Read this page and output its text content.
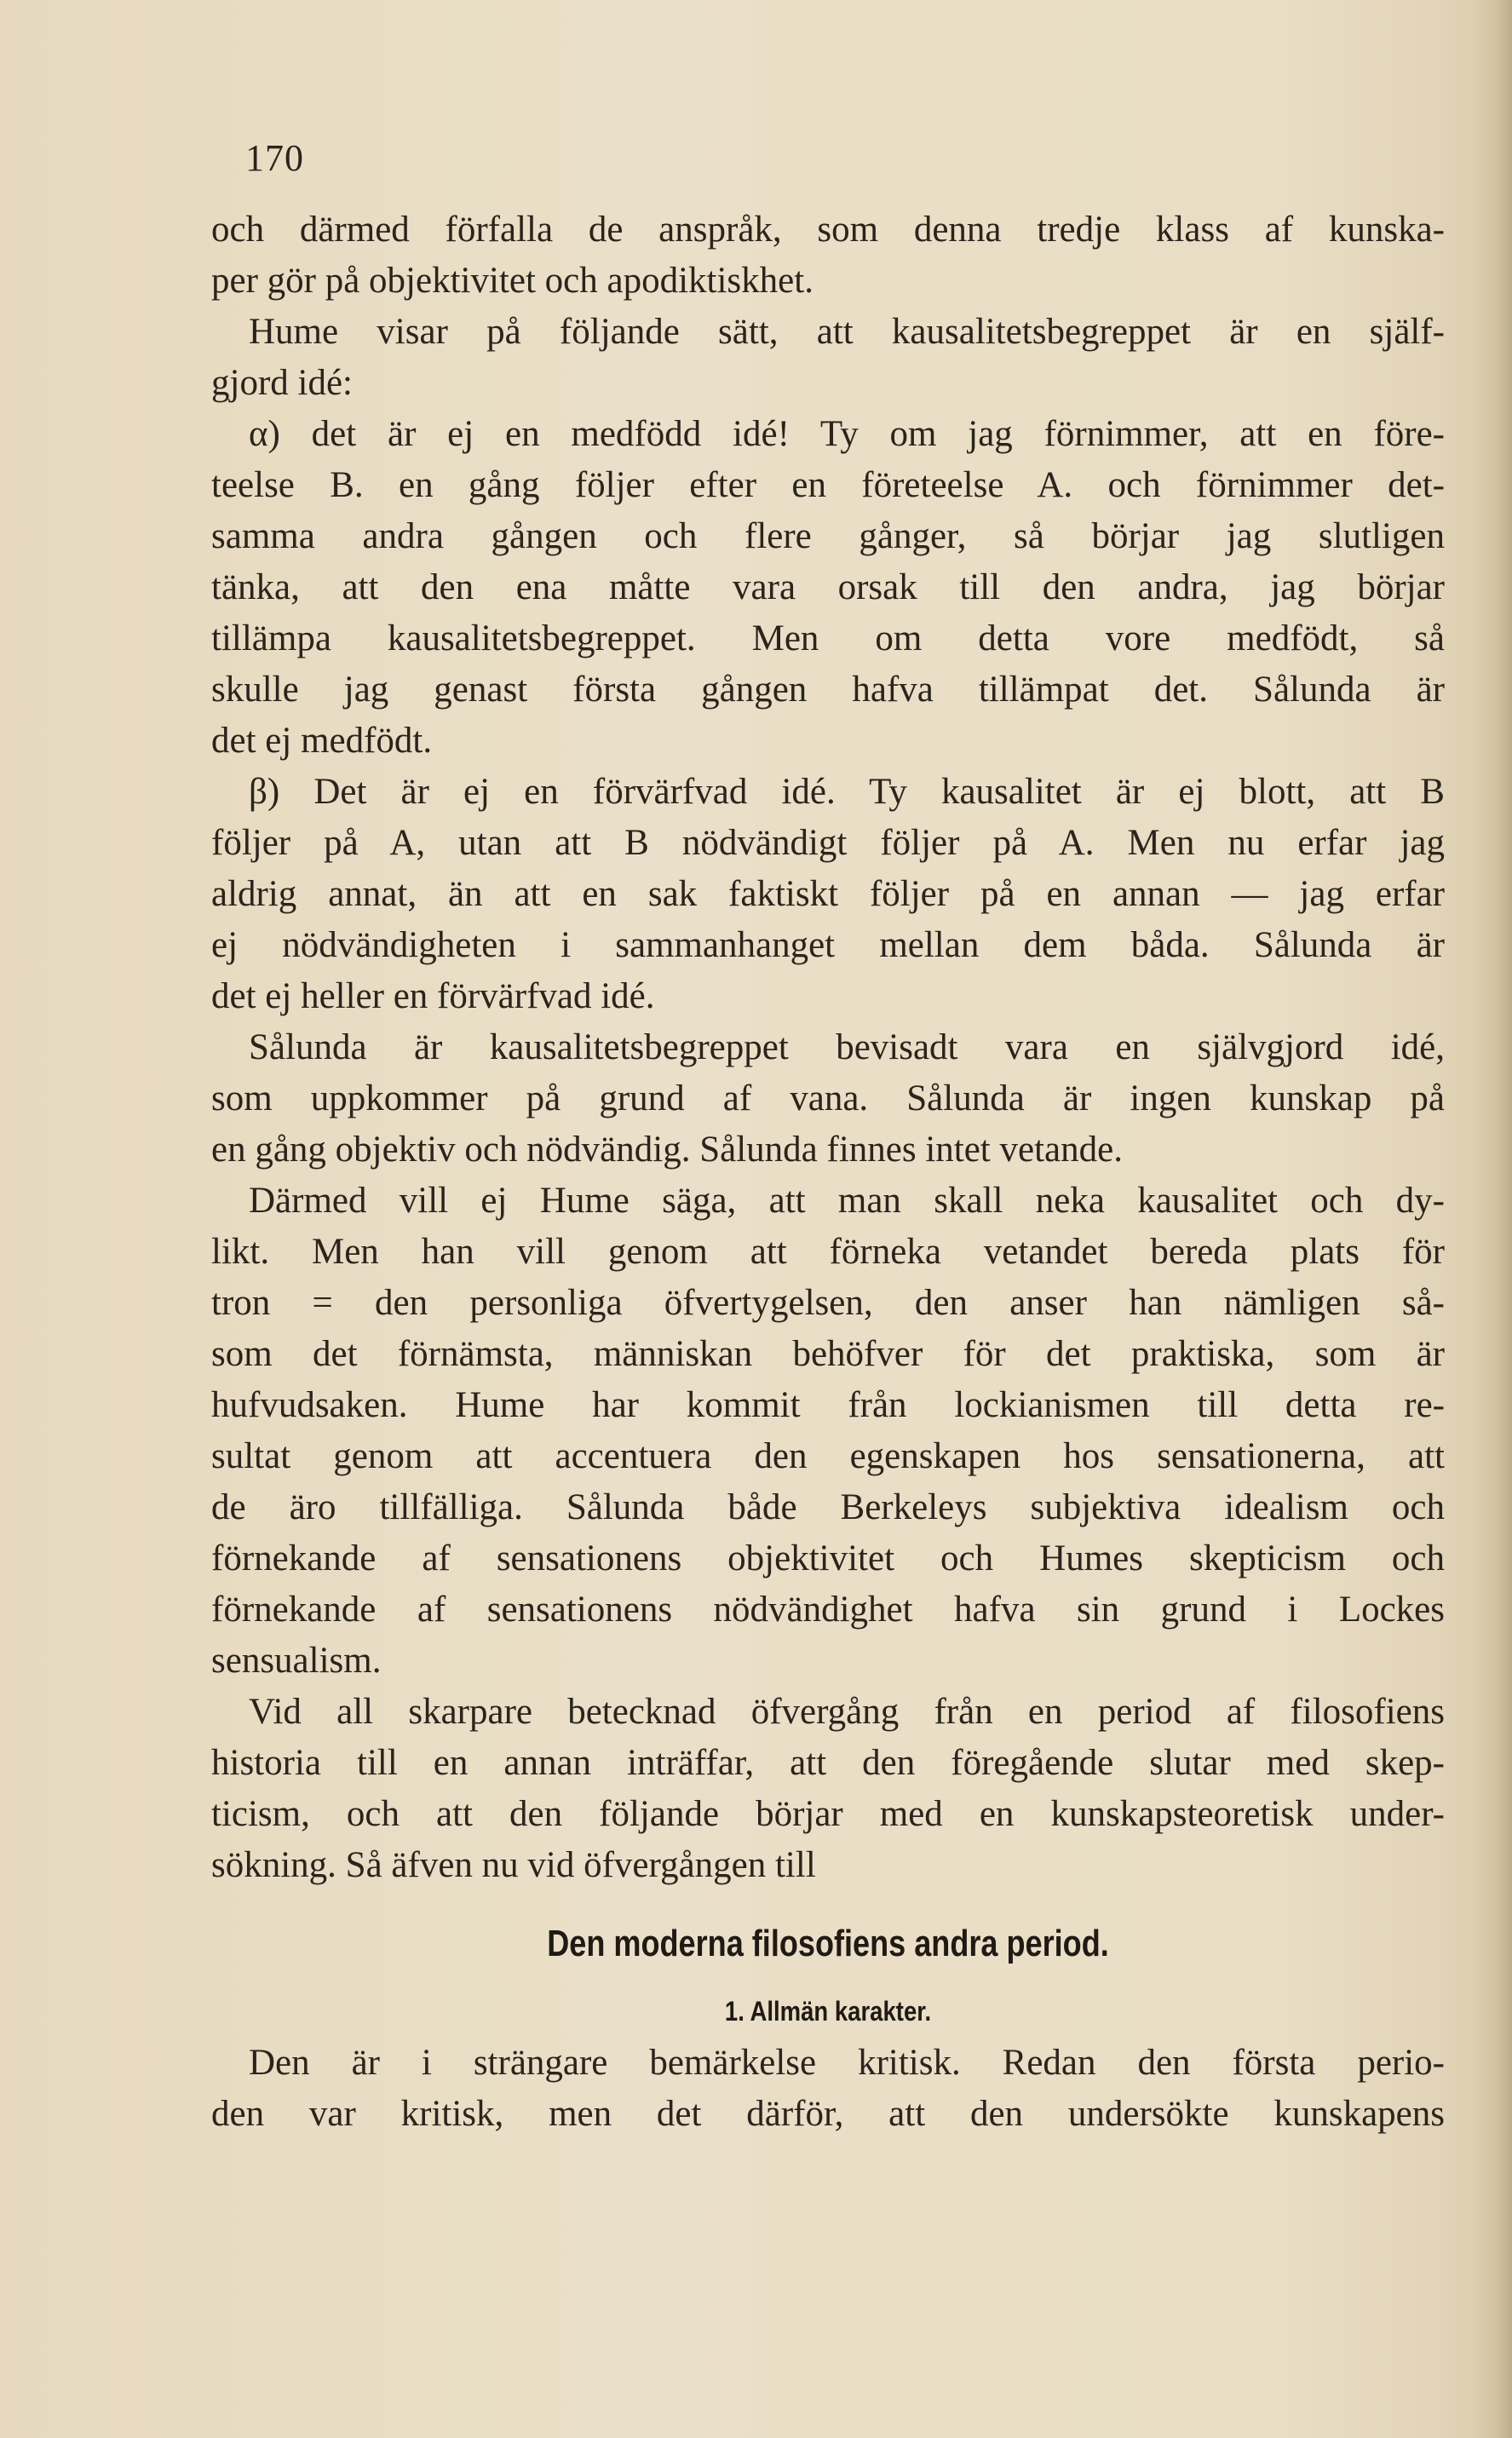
170
och därmed förfalla de anspråk, som denna tredje klass af kunska-
per gör på objektivitet och apodiktiskhet.
Hume visar på följande sätt, att kausalitetsbegreppet är en själf-
gjord idé:
α) det är ej en medfödd idé! Ty om jag förnimmer, att en före-
teelse B. en gång följer efter en företeelse A. och förnimmer det-
samma andra gången och flere gånger, så börjar jag slutligen
tänka, att den ena måtte vara orsak till den andra, jag börjar
tillämpa kausalitetsbegreppet. Men om detta vore medfödt, så
skulle jag genast första gången hafva tillämpat det. Sålunda är
det ej medfödt.
β) Det är ej en förvärfvad idé. Ty kausalitet är ej blott, att B
följer på A, utan att B nödvändigt följer på A. Men nu erfar jag
aldrig annat, än att en sak faktiskt följer på en annan — jag erfar
ej nödvändigheten i sammanhanget mellan dem båda. Sålunda är
det ej heller en förvärfvad idé.
Sålunda är kausalitetsbegreppet bevisadt vara en självgjord idé,
som uppkommer på grund af vana. Sålunda är ingen kunskap på
en gång objektiv och nödvändig. Sålunda finnes intet vetande.
Därmed vill ej Hume säga, att man skall neka kausalitet och dy-
likt. Men han vill genom att förneka vetandet bereda plats för
tron = den personliga öfvertygelsen, den anser han nämligen så-
som det förnämsta, människan behöfver för det praktiska, som är
hufvudsaken. Hume har kommit från lockianismen till detta re-
sultat genom att accentuera den egenskapen hos sensationerna, att
de äro tillfälliga. Sålunda både Berkeleys subjektiva idealism och
förnekande af sensationens objektivitet och Humes skepticism och
förnekande af sensationens nödvändighet hafva sin grund i Lockes
sensualism.
Vid all skarpare betecknad öfvergång från en period af filosofiens
historia till en annan inträffar, att den föregående slutar med skep-
ticism, och att den följande börjar med en kunskapsteoretisk under-
sökning. Så äfven nu vid öfvergången till
Den moderna filosofiens andra period.
1. Allmän karakter.
Den är i strängare bemärkelse kritisk. Redan den första perio-
den var kritisk, men det därför, att den undersökte kunskapens
